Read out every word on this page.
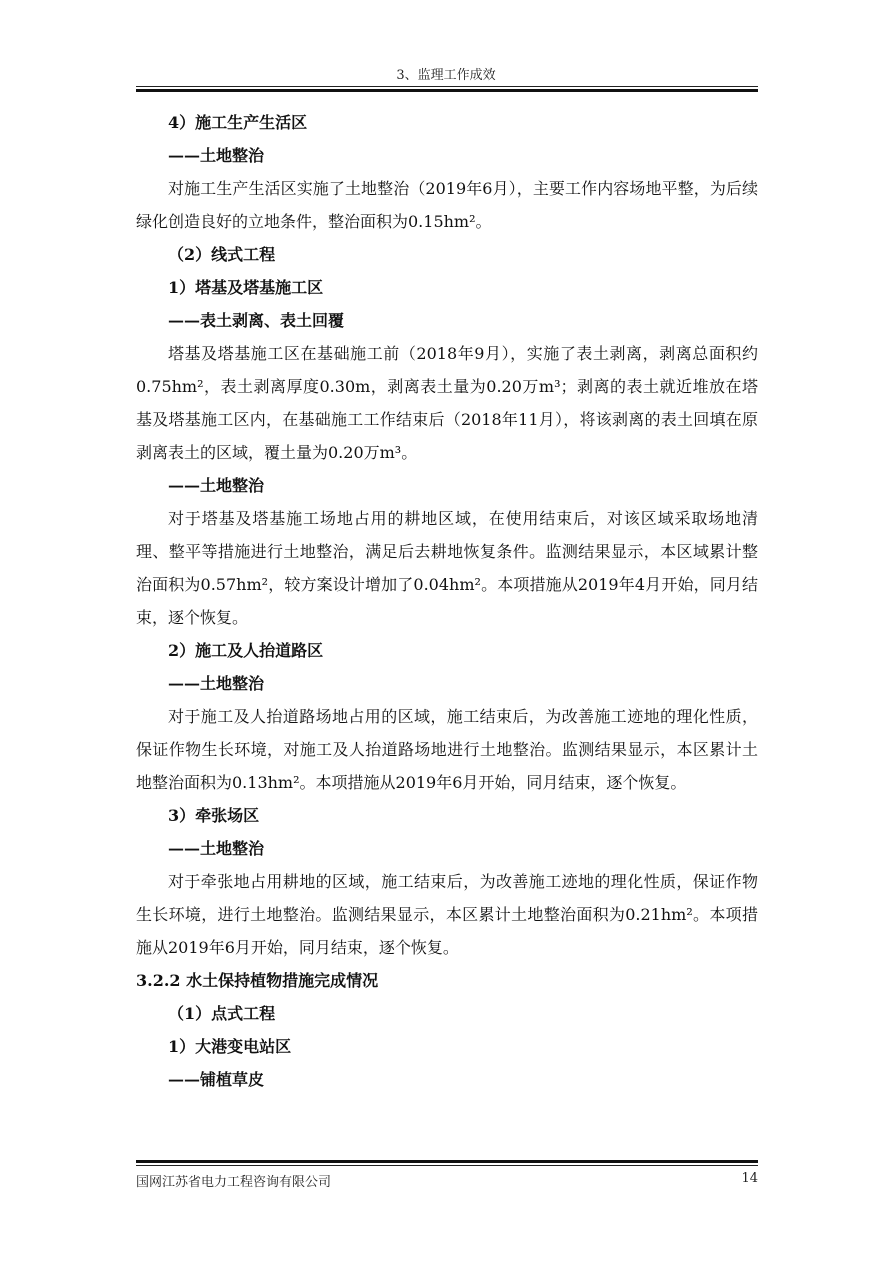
3、监理工作成效

4）施工生产生活区

——土地整治

对施工生产生活区实施了土地整治（2019年6月），主要工作内容场地平整，为后续绿化创造良好的立地条件，整治面积为0.15hm²。

（2）线式工程

1）塔基及塔基施工区

——表土剥离、表土回覆

塔基及塔基施工区在基础施工前（2018年9月），实施了表土剥离，剥离总面积约0.75hm²，表土剥离厚度0.30m，剥离表土量为0.20万m³；剥离的表土就近堆放在塔基及塔基施工区内，在基础施工工作结束后（2018年11月），将该剥离的表土回填在原剥离表土的区域，覆土量为0.20万m³。

——土地整治

对于塔基及塔基施工场地占用的耕地区域，在使用结束后，对该区域采取场地清理、整平等措施进行土地整治，满足后去耕地恢复条件。监测结果显示，本区域累计整治面积为0.57hm²，较方案设计增加了0.04hm²。本项措施从2019年4月开始，同月结束，逐个恢复。

2）施工及人抬道路区

——土地整治

对于施工及人抬道路场地占用的区域，施工结束后，为改善施工迹地的理化性质，保证作物生长环境，对施工及人抬道路场地进行土地整治。监测结果显示，本区累计土地整治面积为0.13hm²。本项措施从2019年6月开始，同月结束，逐个恢复。

3）牵张场区

——土地整治

对于牵张地占用耕地的区域，施工结束后，为改善施工迹地的理化性质，保证作物生长环境，进行土地整治。监测结果显示，本区累计土地整治面积为0.21hm²。本项措施从2019年6月开始，同月结束，逐个恢复。

3.2.2 水土保持植物措施完成情况

（1）点式工程

1）大港变电站区

——铺植草皮

国网江苏省电力工程咨询有限公司	14
